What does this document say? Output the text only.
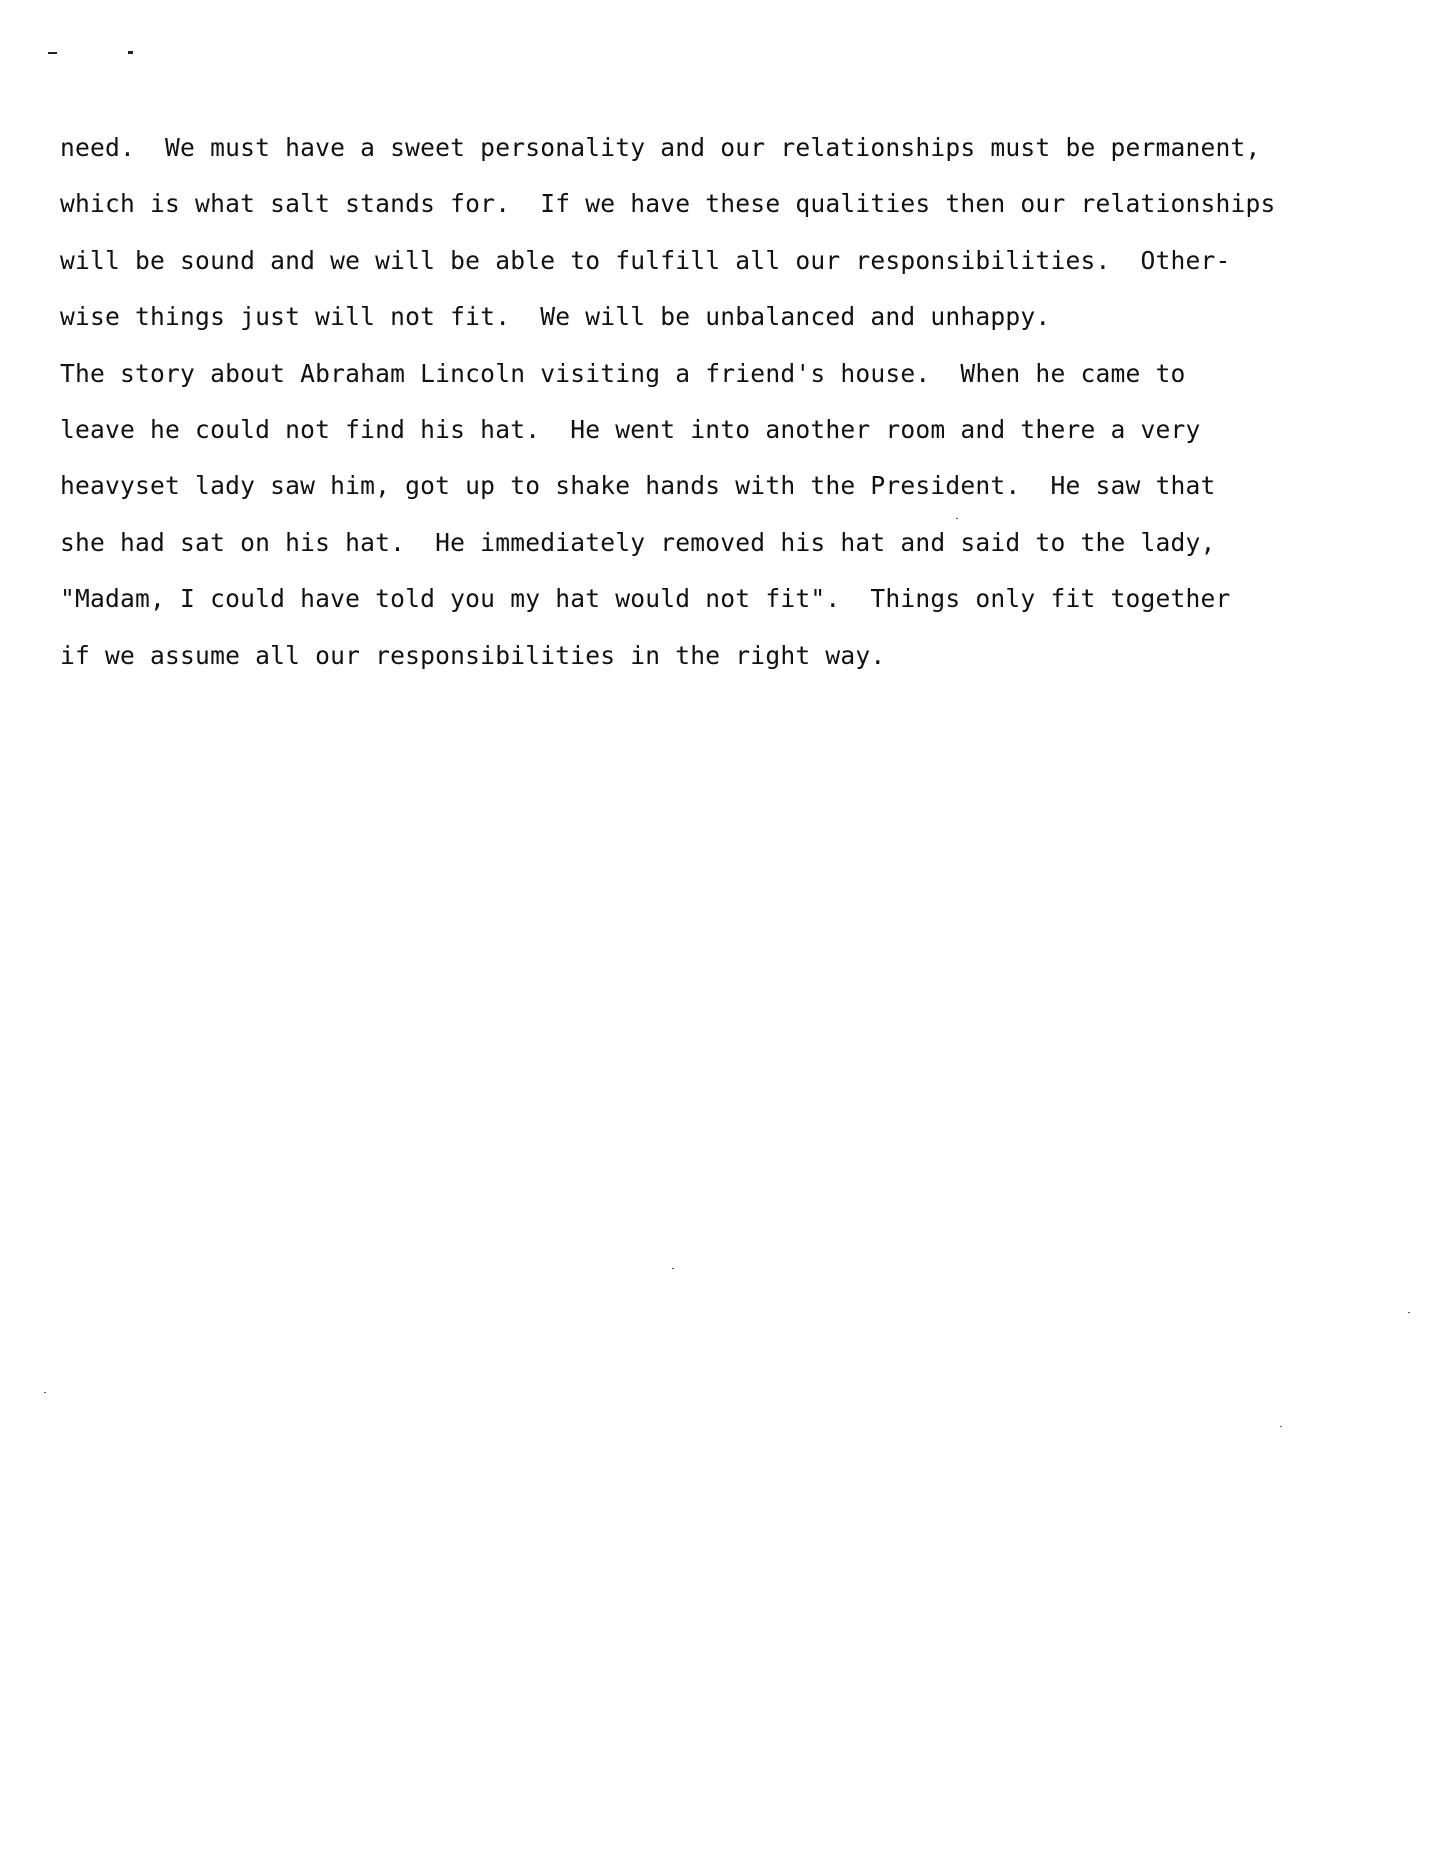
need.  We must have a sweet personality and our relationships must be permanent,
which is what salt stands for.  If we have these qualities then our relationships
will be sound and we will be able to fulfill all our responsibilities.  Other-
wise things just will not fit.  We will be unbalanced and unhappy.
The story about Abraham Lincoln visiting a friend's house.  When he came to
leave he could not find his hat.  He went into another room and there a very
heavyset lady saw him, got up to shake hands with the President.  He saw that
she had sat on his hat.  He immediately removed his hat and said to the lady,
"Madam, I could have told you my hat would not fit".  Things only fit together
if we assume all our responsibilities in the right way.
